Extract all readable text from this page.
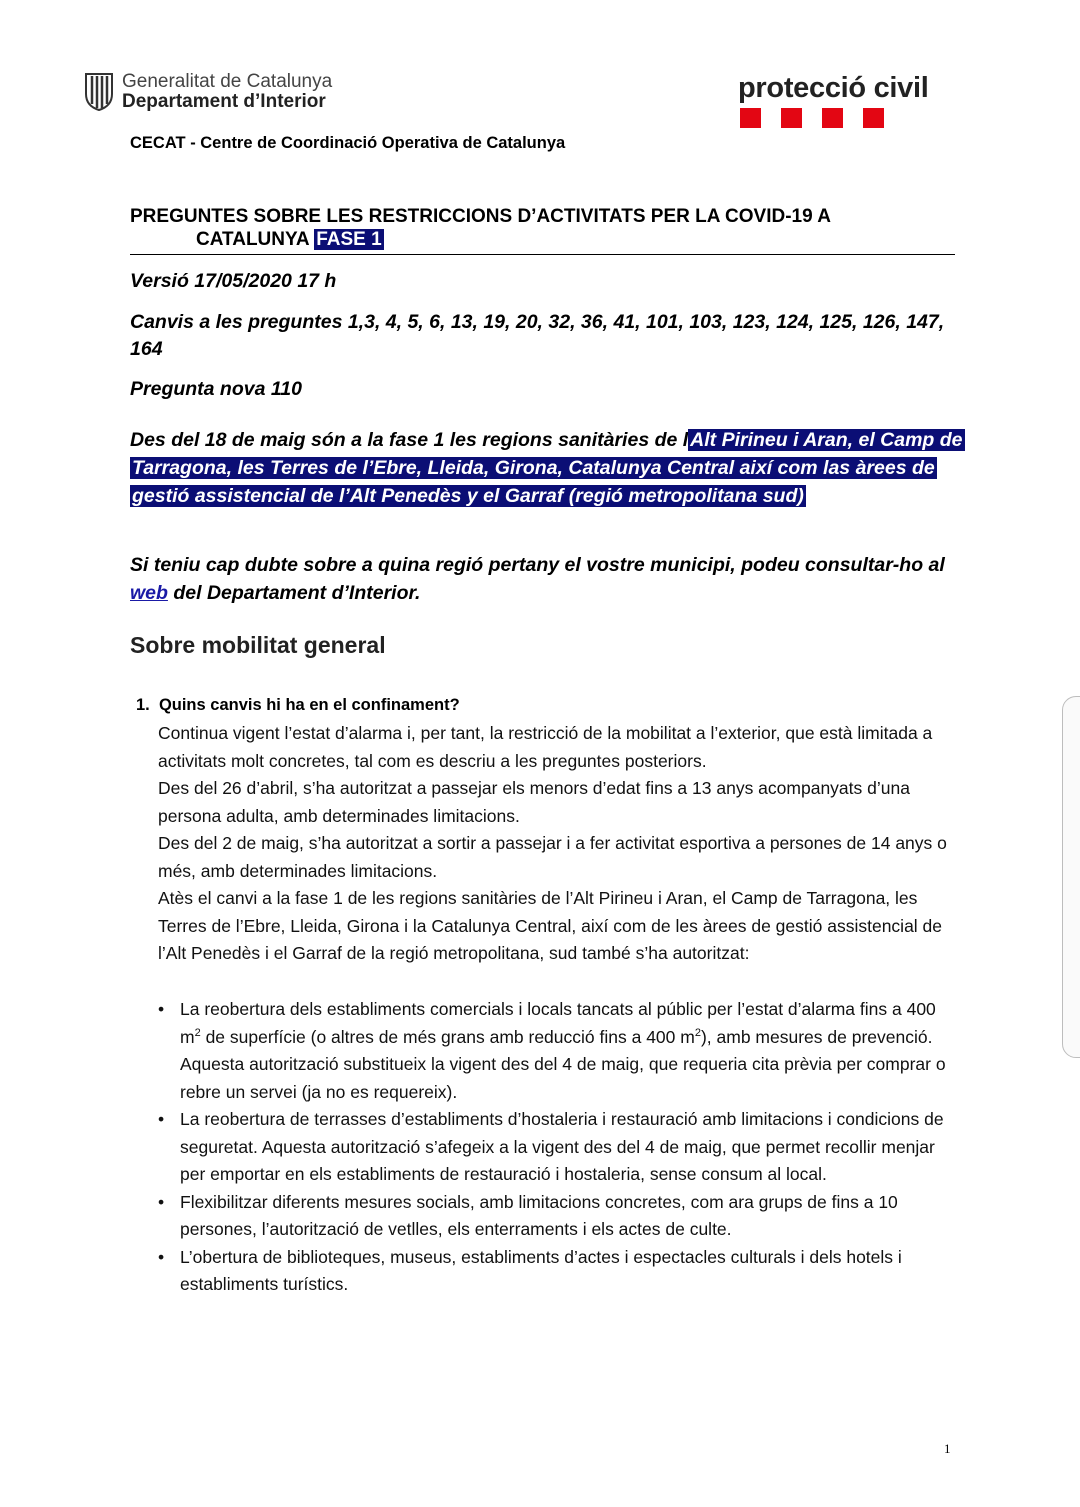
Generalitat de Catalunya
Departament d’Interior	protecció civil
CECAT - Centre de Coordinació Operativa de Catalunya
PREGUNTES SOBRE LES RESTRICCIONS D’ACTIVITATS PER LA COVID-19 A
CATALUNYA FASE 1
Versió 17/05/2020 17 h
Canvis a les preguntes 1,3, 4, 5, 6, 13, 19, 20, 32, 36, 41, 101, 103, 123, 124, 125, 126, 147, 164
Pregunta nova 110
Des del 18 de maig són a la fase 1 les regions sanitàries de l Alt Pirineu i Aran, el Camp de Tarragona, les Terres de l’Ebre, Lleida, Girona, Catalunya Central així com las àrees de gestió assistencial de l’Alt Penedès y el Garraf (regió metropolitana sud)
Si teniu cap dubte sobre a quina regió pertany el vostre municipi, podeu consultar-ho al web del Departament d’Interior.
Sobre mobilitat general
1. Quins canvis hi ha en el confinament?

Continua vigent l’estat d’alarma i, per tant, la restricció de la mobilitat a l’exterior, que està limitada a activitats molt concretes, tal com es descriu a les preguntes posteriors.

Des del 26 d’abril, s’ha autoritzat a passejar els menors d’edat fins a 13 anys acompanyats d’una persona adulta, amb determinades limitacions.

Des del 2 de maig, s’ha autoritzat a sortir a passejar i a fer activitat esportiva a persones de 14 anys o més, amb determinades limitacions.

Atès el canvi a la fase 1 de les regions sanitàries de l’Alt Pirineu i Aran, el Camp de Tarragona, les Terres de l’Ebre, Lleida, Girona i la Catalunya Central, així com de les àrees de gestió assistencial de l’Alt Penedès i el Garraf de la regió metropolitana, sud també s’ha autoritzat:

• La reobertura dels establiments comercials i locals tancats al públic per l’estat d’alarma fins a 400 $m^2$ de superfície (o altres de més grans amb reducció fins a 400 $m^2$), amb mesures de prevenció. Aquesta autorització substitueix la vigent des del 4 de maig, que requeria cita prèvia per comprar o rebre un servei (ja no es requereix).
• La reobertura de terrasses d’establiments d’hostaleria i restauració amb limitacions i condicions de seguretat. Aquesta autorització s’afegeix a la vigent des del 4 de maig, que permet recollir menjar per emportar en els establiments de restauració i hostaleria, sense consum al local.
• Flexibilitzar diferents mesures socials, amb limitacions concretes, com ara grups de fins a 10 persones, l’autorització de vetlles, els enterraments i els actes de culte.
• L’obertura de biblioteques, museus, establiments d’actes i espectacles culturals i dels hotels i establiments turístics.
1
